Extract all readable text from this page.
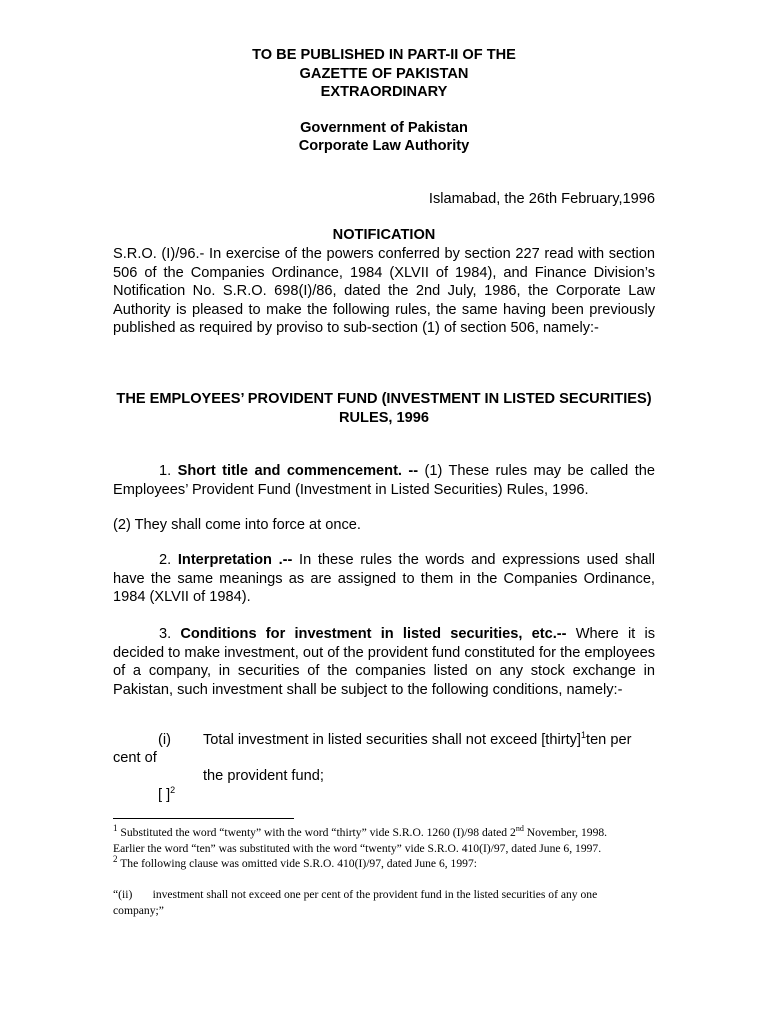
TO BE PUBLISHED IN PART-II OF THE
GAZETTE OF PAKISTAN
EXTRAORDINARY
Government of Pakistan
Corporate Law Authority
Islamabad, the 26th February,1996
NOTIFICATION
S.R.O. (I)/96.- In exercise of the powers conferred by section 227 read with section 506 of the Companies Ordinance, 1984 (XLVII of 1984), and Finance Division’s Notification No. S.R.O. 698(I)/86, dated the 2nd July, 1986, the Corporate Law Authority is pleased to make the following rules, the same having been previously published as required by proviso to sub-section (1) of section 506, namely:-
THE EMPLOYEES’ PROVIDENT FUND (INVESTMENT IN LISTED SECURITIES) RULES, 1996
1. Short title and commencement. -- (1) These rules may be called the Employees’ Provident Fund (Investment in Listed Securities) Rules, 1996.
(2) They shall come into force at once.
2. Interpretation .-- In these rules the words and expressions used shall have the same meanings as are assigned to them in the Companies Ordinance, 1984 (XLVII of 1984).
3. Conditions for investment in listed securities, etc.-- Where it is decided to make investment, out of the provident fund constituted for the employees of a company, in securities of the companies listed on any stock exchange in Pakistan, such investment shall be subject to the following conditions, namely:-
(i) Total investment in listed securities shall not exceed [thirty]$^1$ten per
cent of
the provident fund;
[ ]$^2$
$^1$ Substituted the word “twenty” with the word “thirty” vide S.R.O. 1260 (I)/98 dated 2nd November, 1998.
Earlier the word “ten” was substituted with the word “twenty” vide S.R.O. 410(I)/97, dated June 6, 1997.
$^2$ The following clause was omitted vide S.R.O. 410(I)/97, dated June 6, 1997:
“(ii)       investment shall not exceed one per cent of the provident fund in the listed securities of any one
company;”
